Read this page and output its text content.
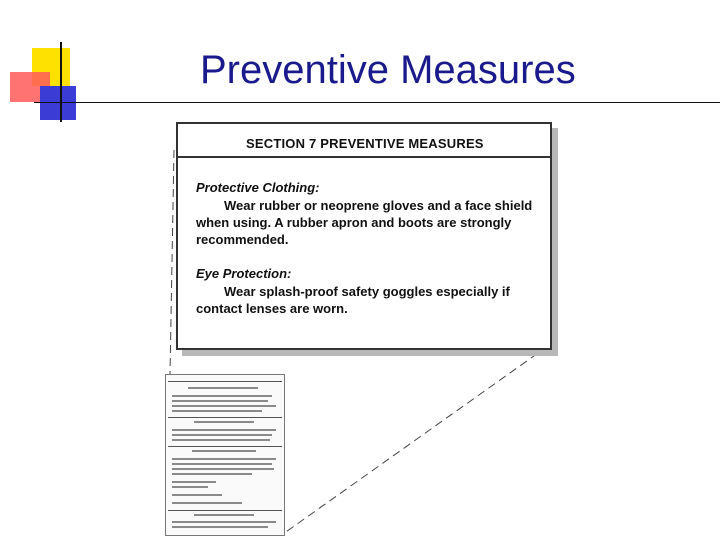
Preventive Measures
SECTION 7 PREVENTIVE MEASURES

Protective Clothing:

Wear rubber or neoprene gloves and a face shield when using. A rubber apron and boots are strongly recommended.

Eye Protection:

Wear splash-proof safety goggles especially if contact lenses are worn.
